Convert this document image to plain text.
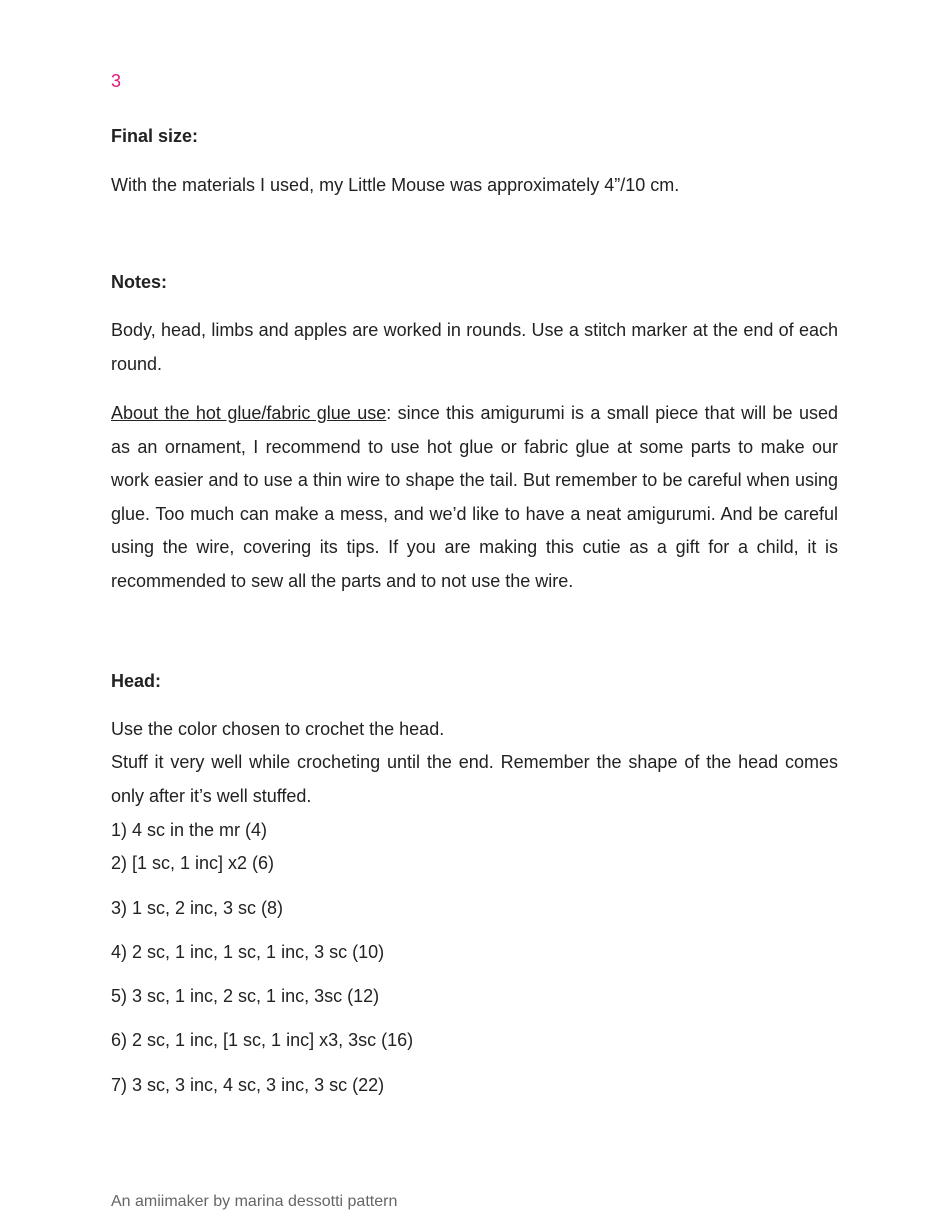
3
Final size:
With the materials I used, my Little Mouse was approximately 4”/10 cm.
Notes:
Body, head, limbs and apples are worked in rounds. Use a stitch marker at the end of each round.
About the hot glue/fabric glue use: since this amigurumi is a small piece that will be used as an ornament, I recommend to use hot glue or fabric glue at some parts to make our work easier and to use a thin wire to shape the tail. But remember to be careful when using glue. Too much can make a mess, and we’d like to have a neat amigurumi. And be careful using the wire, covering its tips. If you are making this cutie as a gift for a child, it is recommended to sew all the parts and to not use the wire.
Head:
Use the color chosen to crochet the head.
Stuff it very well while crocheting until the end. Remember the shape of the head comes only after it’s well stuffed.
1) 4 sc in the mr (4)
2) [1 sc, 1 inc] x2 (6)
3) 1 sc, 2 inc, 3 sc (8)
4) 2 sc, 1 inc, 1 sc, 1 inc, 3 sc (10)
5) 3 sc, 1 inc, 2 sc, 1 inc, 3sc (12)
6) 2 sc, 1 inc, [1 sc, 1 inc] x3, 3sc (16)
7) 3 sc, 3 inc, 4 sc, 3 inc, 3 sc (22)
An amiimaker by marina dessotti pattern
